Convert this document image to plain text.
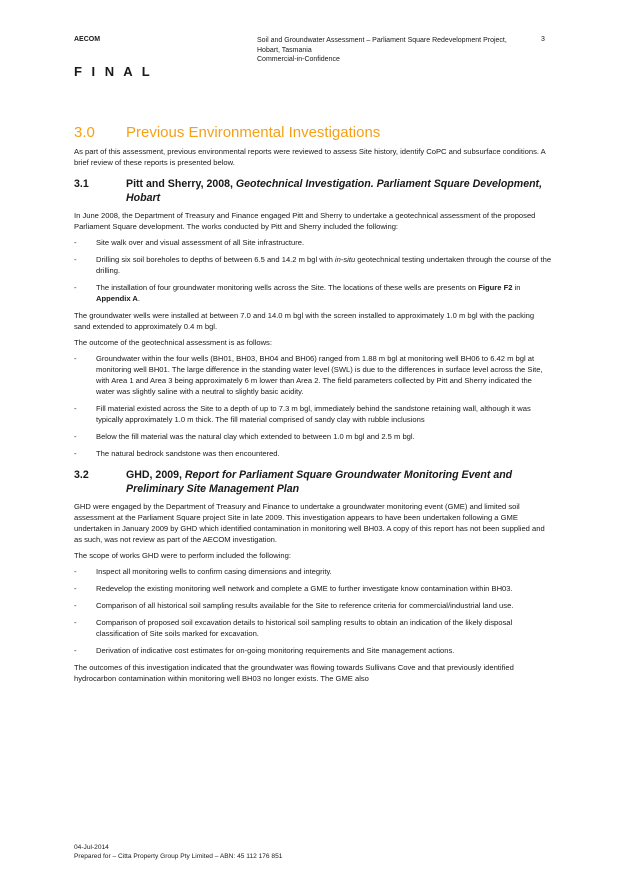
AECOM	Soil and Groundwater Assessment – Parliament Square Redevelopment Project, Hobart, Tasmania
Commercial-in-Confidence
3
F I N A L
3.0 Previous Environmental Investigations

As part of this assessment, previous environmental reports were reviewed to assess Site history, identify CoPC and subsurface conditions. A brief review of these reports is presented below.

3.1	Pitt and Sherry, 2008, Geotechnical Investigation. Parliament Square Development, Hobart

In June 2008, the Department of Treasury and Finance engaged Pitt and Sherry to undertake a geotechnical assessment of the proposed Parliament Square development. The works conducted by Pitt and Sherry included the following:

- Site walk over and visual assessment of all Site infrastructure.
- Drilling six soil boreholes to depths of between 6.5 and 14.2 m bgl with in-situ geotechnical testing undertaken through the course of the drilling.
- The installation of four groundwater monitoring wells across the Site. The locations of these wells are presents on Figure F2 in Appendix A.

The groundwater wells were installed at between 7.0 and 14.0 m bgl with the screen installed to approximately 1.0 m bgl with the packing sand extended to approximately 0.4 m bgl.

The outcome of the geotechnical assessment is as follows:

- Groundwater within the four wells (BH01, BH03, BH04 and BH06) ranged from 1.88 m bgl at monitoring well BH06 to 6.42 m bgl at monitoring well BH01. The large difference in the standing water level (SWL) is due to the differences in surface level across the Site, with Area 1 and Area 3 being approximately 6 m lower than Area 2. The field parameters collected by Pitt and Sherry indicated the water was slightly saline with a neutral to slightly basic acidity.
- Fill material existed across the Site to a depth of up to 7.3 m bgl, immediately behind the sandstone retaining wall, although it was typically approximately 1.0 m thick. The fill material comprised of sandy clay with rubble inclusions
- Below the fill material was the natural clay which extended to between 1.0 m bgl and 2.5 m bgl.
- The natural bedrock sandstone was then encountered.
3.2	GHD, 2009, Report for Parliament Square Groundwater Monitoring Event and Preliminary Site Management Plan

GHD were engaged by the Department of Treasury and Finance to undertake a groundwater monitoring event (GME) and limited soil assessment at the Parliament Square project Site in late 2009. This investigation appears to have been undertaken following a GME undertaken in January 2009 by GHD which identified contamination in monitoring well BH03. A copy of this report has not been supplied and as such, was not review as part of the AECOM investigation.

The scope of works GHD were to perform included the following:

- Inspect all monitoring wells to confirm casing dimensions and integrity.
- Redevelop the existing monitoring well network and complete a GME to further investigate know contamination within BH03.
- Comparison of all historical soil sampling results available for the Site to reference criteria for commercial/industrial land use.
- Comparison of proposed soil excavation details to historical soil sampling results to obtain an indication of the likely disposal classification of Site soils marked for excavation.
- Derivation of indicative cost estimates for on-going monitoring requirements and Site management actions.

The outcomes of this investigation indicated that the groundwater was flowing towards Sullivans Cove and that previously identified hydrocarbon contamination within monitoring well BH03 no longer exists. The GME also

04-Jul-2014
Prepared for – Citta Property Group Pty Limited – ABN: 45 112 176 851
